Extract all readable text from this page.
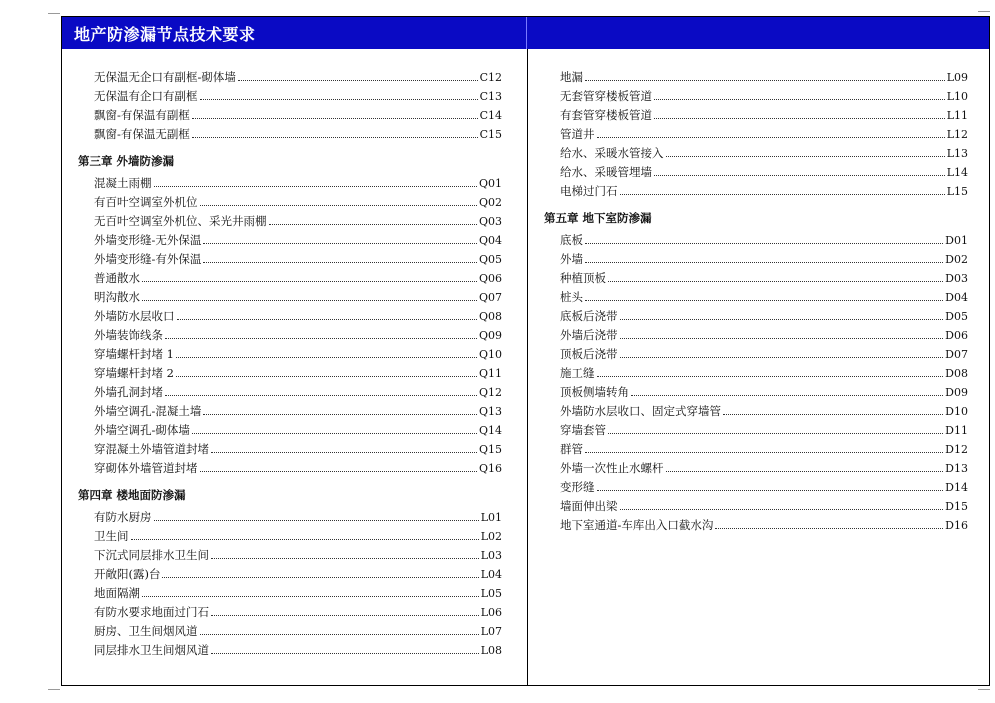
地产防渗漏节点技术要求
无保温无企口有副框-砌体墙	C12
无保温有企口有副框	C13
飘窗-有保温有副框	C14
飘窗-有保温无副框	C15
第三章 外墙防渗漏
混凝土雨棚	Q01
有百叶空调室外机位	Q02
无百叶空调室外机位、采光井雨棚	Q03
外墙变形缝-无外保温	Q04
外墙变形缝-有外保温	Q05
普通散水	Q06
明沟散水	Q07
外墙防水层收口	Q08
外墙装饰线条	Q09
穿墙螺杆封堵 1	Q10
穿墙螺杆封堵 2	Q11
外墙孔洞封堵	Q12
外墙空调孔-混凝土墙	Q13
外墙空调孔-砌体墙	Q14
穿混凝土外墙管道封堵	Q15
穿砌体外墙管道封堵	Q16
第四章 楼地面防渗漏
有防水厨房	L01
卫生间	L02
下沉式同层排水卫生间	L03
开敞阳(露)台	L04
地面隔潮	L05
有防水要求地面过门石	L06
厨房、卫生间烟风道	L07
同层排水卫生间烟风道	L08
地漏	L09
无套管穿楼板管道	L10
有套管穿楼板管道	L11
管道井	L12
给水、采暖水管接入	L13
给水、采暖管埋墙	L14
电梯过门石	L15
第五章 地下室防渗漏
底板	D01
外墙	D02
种植顶板	D03
桩头	D04
底板后浇带	D05
外墙后浇带	D06
顶板后浇带	D07
施工缝	D08
顶板侧墙转角	D09
外墙防水层收口、固定式穿墙管	D10
穿墙套管	D11
群管	D12
外墙一次性止水螺杆	D13
变形缝	D14
墙面伸出梁	D15
地下室通道-车库出入口截水沟	D16
